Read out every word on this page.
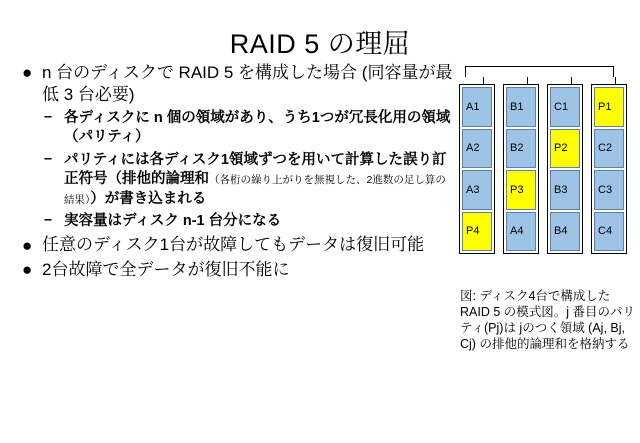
RAID 5 の理屈
● n 台のディスクで RAID 5 を構成した場合 (同容量が最低 3 台必要)
– 各ディスクに n 個の領域があり、うち1つが冗長化用の領域（パリティ）
– パリティには各ディスク1領域ずつを用いて計算した誤り訂正符号（排他的論理和（各桁の繰り上がりを無視した、2進数の足し算の結果））が書き込まれる
– 実容量はディスク n-1 台分になる
● 任意のディスク1台が故障してもデータは復旧可能
● 2台故障で全データが復旧不能に
A1
A2
A3
P4
B1
B2
P3
A4
C1
P2
B3
B4
P1
C2
C3
C4
図: ディスク4台で構成した RAID 5 の模式図。j 番目のパリティ(Pj)は jのつく領域 (Aj, Bj, Cj) の排他的論理和を格納する
